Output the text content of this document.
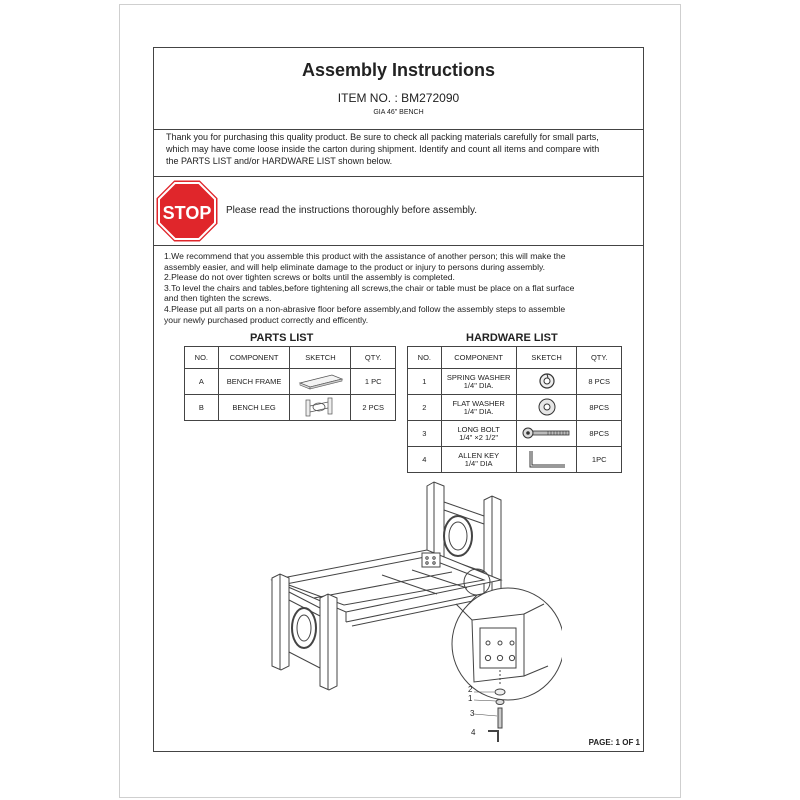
Assembly Instructions
ITEM NO. : BM272090
GIA 46" BENCH
Thank you for purchasing this quality product. Be sure to check all packing materials carefully for small parts,
which may have come loose inside the carton during shipment. Identify and count all items and compare with
the PARTS LIST and/or HARDWARE LIST shown below.
STOP Please read the instructions thoroughly before assembly.
1.We recommend that you assemble this product with the assistance of another person; this will make the
assembly easier, and will help eliminate damage to the product or injury to persons during assembly.
2.Please do not over tighten screws or bolts until the assembly is completed.
3.To level the chairs and tables,before tightening all screws,the chair or table must be place on a flat surface
and then tighten the screws.
4.Please put all parts on a non-abrasive floor before assembly,and follow the assembly steps to assemble
your newly purchased product correctly and efficently.
PARTS LIST
NO.	COMPONENT	SKETCH	QTY.
A	BENCH FRAME		1 PC
B	BENCH LEG		2 PCS
HARDWARE LIST
NO.	COMPONENT	SKETCH	QTY.
1	SPRING WASHER
1/4" DIA.		8 PCS
2	FLAT WASHER
1/4" DIA.		8PCS
3	LONG BOLT
1/4" ×2 1/2"		8PCS
4	ALLEN KEY
1/4" DIA		1PC
2
1
3
4
PAGE: 1 OF 1
